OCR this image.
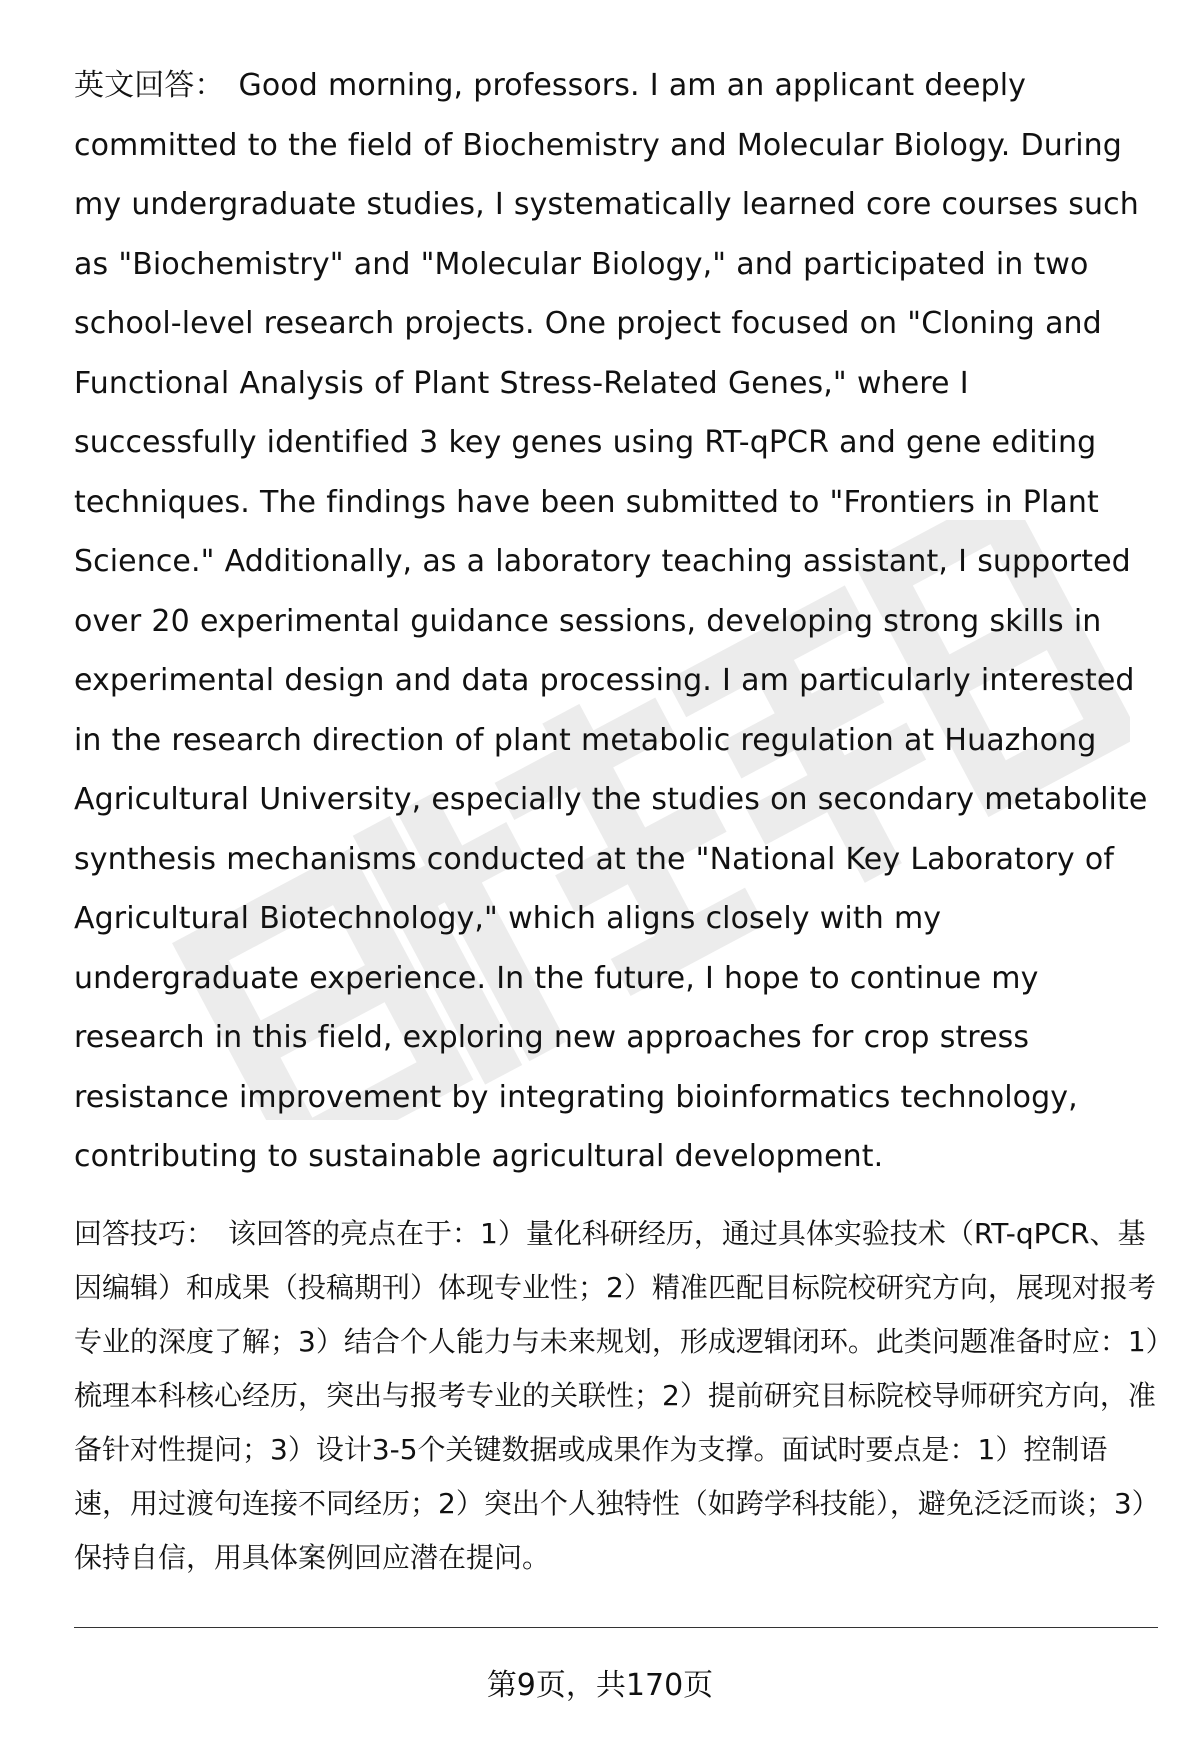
英文回答： Good morning, professors. I am an applicant deeply committed to the field of Biochemistry and Molecular Biology. During my undergraduate studies, I systematically learned core courses such as "Biochemistry" and "Molecular Biology," and participated in two school-level research projects. One project focused on "Cloning and Functional Analysis of Plant Stress-Related Genes," where I successfully identified 3 key genes using RT-qPCR and gene editing techniques. The findings have been submitted to "Frontiers in Plant Science." Additionally, as a laboratory teaching assistant, I supported over 20 experimental guidance sessions, developing strong skills in experimental design and data processing. I am particularly interested in the research direction of plant metabolic regulation at Huazhong Agricultural University, especially the studies on secondary metabolite synthesis mechanisms conducted at the "National Key Laboratory of Agricultural Biotechnology," which aligns closely with my undergraduate experience. In the future, I hope to continue my research in this field, exploring new approaches for crop stress resistance improvement by integrating bioinformatics technology, contributing to sustainable agricultural development.

回答技巧： 该回答的亮点在于：1）量化科研经历，通过具体实验技术（RT-qPCR、基因编辑）和成果（投稿期刊）体现专业性；2）精准匹配目标院校研究方向，展现对报考专业的深度了解；3）结合个人能力与未来规划，形成逻辑闭环。此类问题准备时应：1）梳理本科核心经历，突出与报考专业的关联性；2）提前研究目标院校导师研究方向，准备针对性提问；3）设计3-5个关键数据或成果作为支撑。面试时要点是：1）控制语速，用过渡句连接不同经历；2）突出个人独特性（如跨学科技能），避免泛泛而谈；3）保持自信，用具体案例回应潜在提问。

第9页，共170页
